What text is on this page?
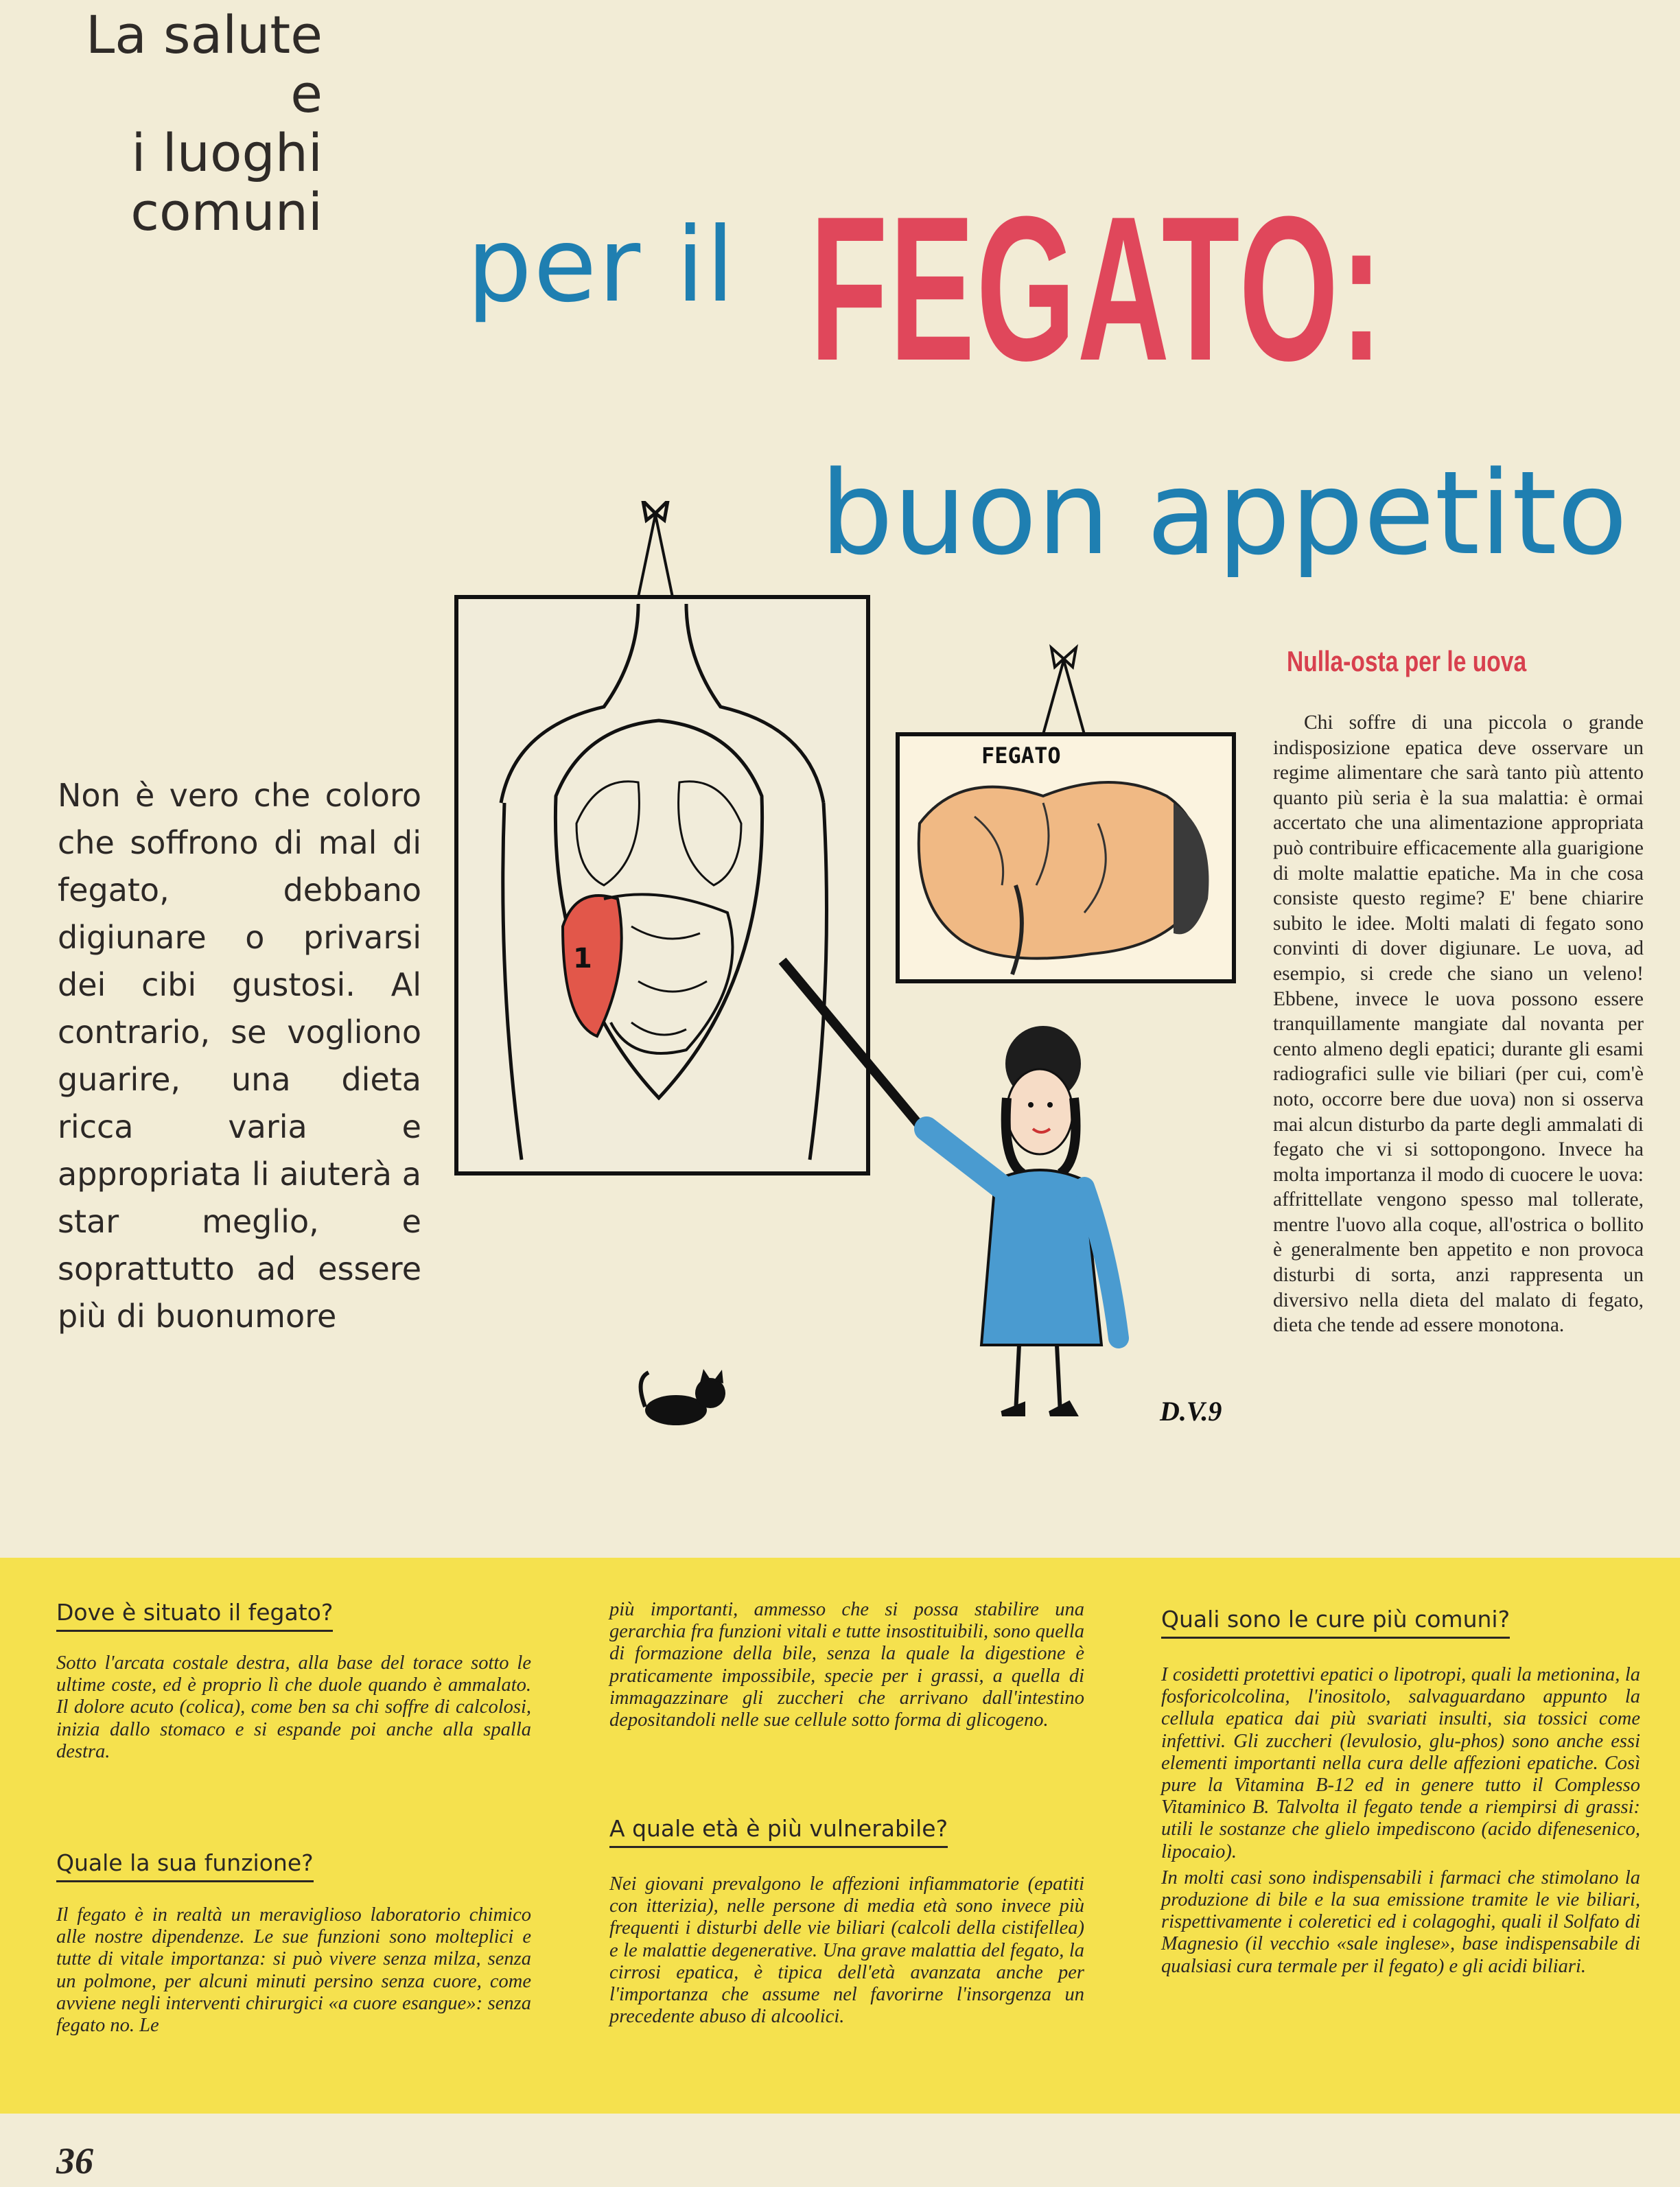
La salute
e
i luoghi
comuni per il FEGATO:
buon appetito
Non è vero che coloro che soffrono di mal di fegato, debbano digiunare o privarsi dei cibi gustosi. Al contrario, se vogliono guarire, una dieta ricca varia e appropriata li aiuterà a star meglio, e soprattutto ad essere più di buonumore
1
FEGATO
D.V.9
Nulla-osta per le uova
Chi soffre di una piccola o grande indisposizione epatica deve osservare un regime alimentare che sarà tanto più attento quanto più seria è la sua malattia: è ormai accertato che una alimentazione appropriata può contribuire efficacemente alla guarigione di molte malattie epatiche. Ma in che cosa consiste questo regime? E' bene chiarire subito le idee. Molti malati di fegato sono convinti di dover digiunare. Le uova, ad esempio, si crede che siano un veleno! Ebbene, invece le uova possono essere tranquillamente mangiate dal novanta per cento almeno degli epatici; durante gli esami radiografici sulle vie biliari (per cui, com'è noto, occorre bere due uova) non si osserva mai alcun disturbo da parte degli ammalati di fegato che vi si sottopongono. Invece ha molta importanza il modo di cuocere le uova: affrittellate vengono spesso mal tollerate, mentre l'uovo alla coque, all'ostrica o bollito è generalmente ben appetito e non provoca disturbi di sorta, anzi rappresenta un diversivo nella dieta del malato di fegato, dieta che tende ad essere monotona.
Dove è situato il fegato?

Sotto l'arcata costale destra, alla base del torace sotto le ultime coste, ed è proprio lì che duole quando è ammalato. Il dolore acuto (colica), come ben sa chi soffre di calcolosi, inizia dallo stomaco e si espande poi anche alla spalla destra.

Quale la sua funzione?

Il fegato è in realtà un meraviglioso laboratorio chimico alle nostre dipendenze. Le sue funzioni sono molteplici e tutte di vitale importanza: si può vivere senza milza, senza un polmone, per alcuni minuti persino senza cuore, come avviene negli interventi chirurgici «a cuore esangue»: senza fegato no. Le

più importanti, ammesso che si possa stabilire una gerarchia fra funzioni vitali e tutte insostituibili, sono quella di formazione della bile, senza la quale la digestione è praticamente impossibile, specie per i grassi, a quella di immagazzinare gli zuccheri che arrivano dall'intestino depositandoli nelle sue cellule sotto forma di glicogeno.

A quale età è più vulnerabile?

Nei giovani prevalgono le affezioni infiammatorie (epatiti con itterizia), nelle persone di media età sono invece più frequenti i disturbi delle vie biliari (calcoli della cistifellea) e le malattie degenerative. Una grave malattia del fegato, la cirrosi epatica, è tipica dell'età avanzata anche per l'importanza che assume nel favorirne l'insorgenza un precedente abuso di alcoolici.

Quali sono le cure più comuni?

I cosidetti protettivi epatici o lipotropi, quali la metionina, la fosforicolcolina, l'inositolo, salvaguardano appunto la cellula epatica dai più svariati insulti, sia tossici come infettivi. Gli zuccheri (levulosio, glu-phos) sono anche essi elementi importanti nella cura delle affezioni epatiche. Così pure la Vitamina B-12 ed in genere tutto il Complesso Vitaminico B. Talvolta il fegato tende a riempirsi di grassi: utili le sostanze che glielo impediscono (acido difenesenico, lipocaio).

In molti casi sono indispensabili i farmaci che stimolano la produzione di bile e la sua emissione tramite le vie biliari, rispettivamente i coleretici ed i colagoghi, quali il Solfato di Magnesio (il vecchio «sale inglese», base indispensabile di qualsiasi cura termale per il fegato) e gli acidi biliari.

36
